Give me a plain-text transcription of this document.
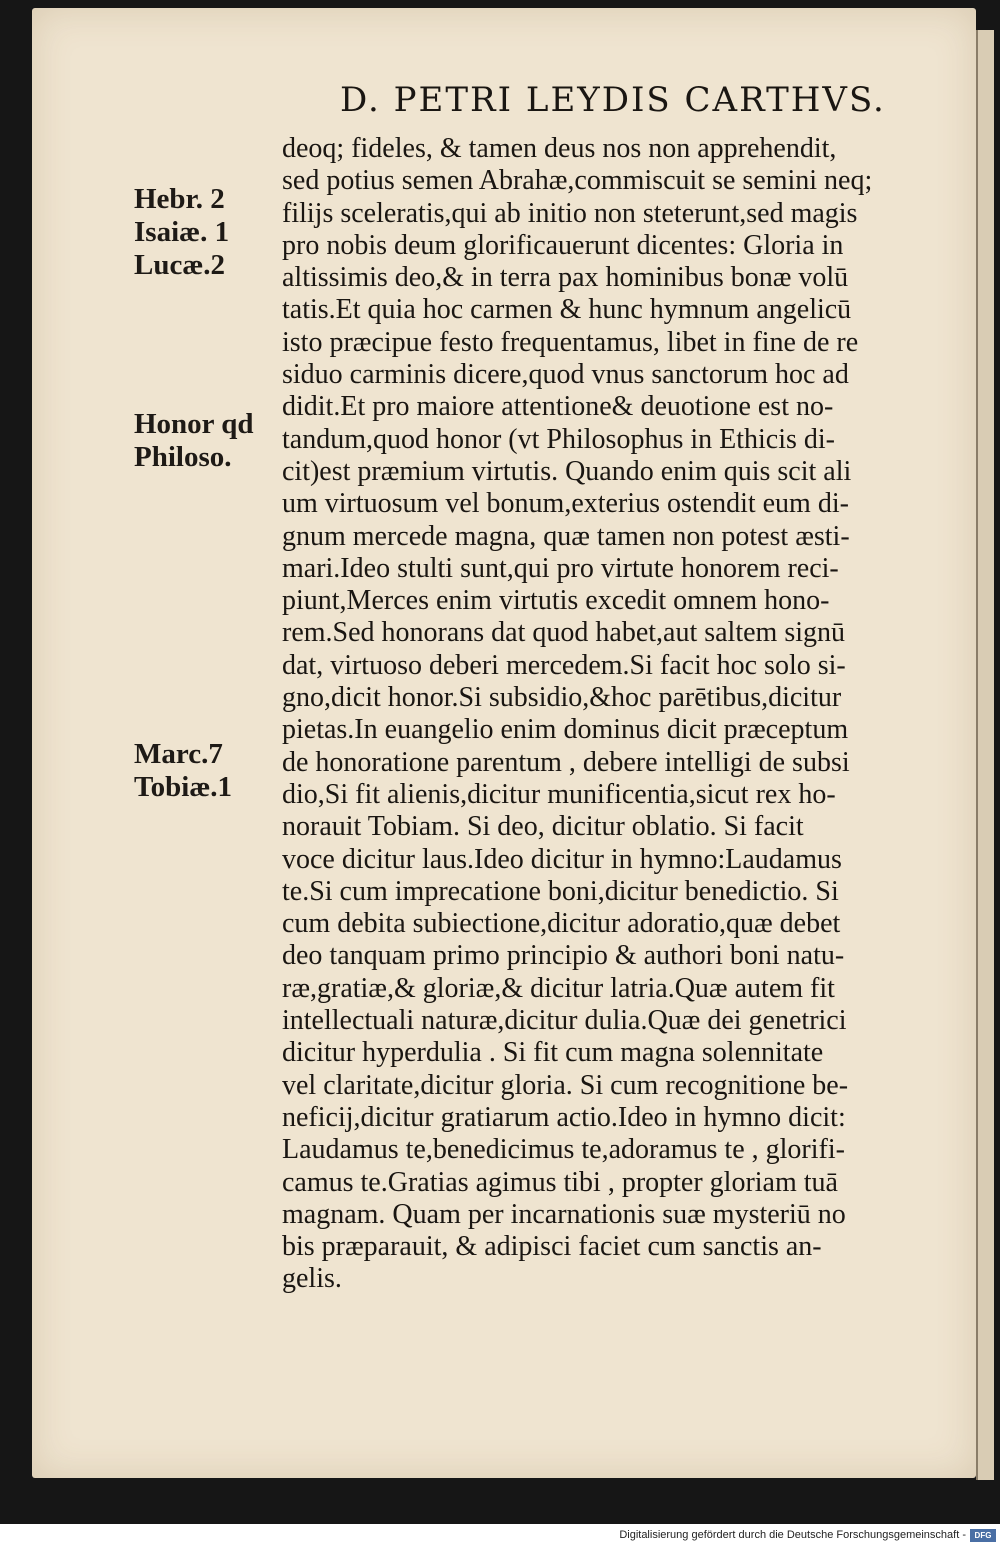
D. PETRI LEYDIS CARTHVS.
Hebr. 2
Isaiæ. 1
Lucæ.2
Honor qd
Philoso.
Marc.7
Tobiæ.1
deoq; fideles, & tamen deus nos non apprehendit,
sed potius semen Abrahæ,commiscuit se semini neq;
filijs sceleratis,qui ab initio non steterunt,sed magis
pro nobis deum glorificauerunt dicentes: Gloria in
altissimis deo,& in terra pax hominibus bonæ volū
tatis.Et quia hoc carmen & hunc hymnum angelicū
isto præcipue festo frequentamus, libet in fine de re
siduo carminis dicere,quod vnus sanctorum hoc ad
didit.Et pro maiore attentione& deuotione est no-
tandum,quod honor (vt Philosophus in Ethicis di-
cit)est præmium virtutis. Quando enim quis scit ali
um virtuosum vel bonum,exterius ostendit eum di-
gnum mercede magna, quæ tamen non potest æsti-
mari.Ideo stulti sunt,qui pro virtute honorem reci-
piunt,Merces enim virtutis excedit omnem hono-
rem.Sed honorans dat quod habet,aut saltem signū
dat, virtuoso deberi mercedem.Si facit hoc solo si-
gno,dicit honor.Si subsidio,&hoc parētibus,dicitur
pietas.In euangelio enim dominus dicit præceptum
de honoratione parentum , debere intelligi de subsi
dio,Si fit alienis,dicitur munificentia,sicut rex ho-
norauit Tobiam. Si deo, dicitur oblatio. Si facit
voce dicitur laus.Ideo dicitur in hymno:Laudamus
te.Si cum imprecatione boni,dicitur benedictio. Si
cum debita subiectione,dicitur adoratio,quæ debet
deo tanquam primo principio & authori boni natu-
ræ,gratiæ,& gloriæ,& dicitur latria.Quæ autem fit
intellectuali naturæ,dicitur dulia.Quæ dei genetrici
dicitur hyperdulia . Si fit cum magna solennitate
vel claritate,dicitur gloria. Si cum recognitione be-
neficij,dicitur gratiarum actio.Ideo in hymno dicit:
Laudamus te,benedicimus te,adoramus te , glorifi-
camus te.Gratias agimus tibi , propter gloriam tuā
magnam. Quam per incarnationis suæ mysteriū no
bis præparauit, & adipisci faciet cum sanctis an-
gelis.
Digitalisierung gefördert durch die Deutsche Forschungsgemeinschaft -	DFG
